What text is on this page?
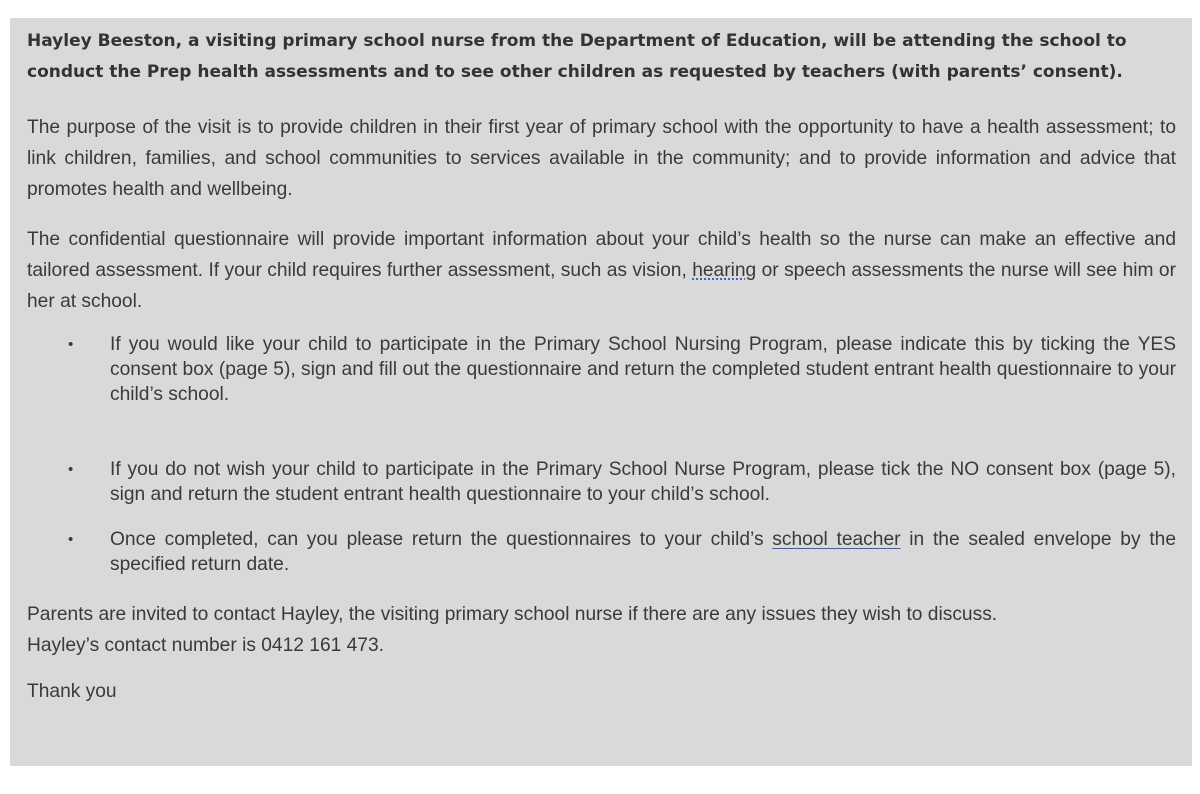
Hayley Beeston, a visiting primary school nurse from the Department of Education, will be attending the school to conduct the Prep health assessments and to see other children as requested by teachers (with parents’ consent).

The purpose of the visit is to provide children in their first year of primary school with the opportunity to have a health assessment; to link children, families, and school communities to services available in the community; and to provide information and advice that promotes health and wellbeing.

The confidential questionnaire will provide important information about your child’s health so the nurse can make an effective and tailored assessment. If your child requires further assessment, such as vision, hearing or speech assessments the nurse will see him or her at school.

• If you would like your child to participate in the Primary School Nursing Program, please indicate this by ticking the YES consent box (page 5), sign and fill out the questionnaire and return the completed student entrant health questionnaire to your child’s school.
• If you do not wish your child to participate in the Primary School Nurse Program, please tick the NO consent box (page 5), sign and return the student entrant health questionnaire to your child’s school.
• Once completed, can you please return the questionnaires to your child’s school teacher in the sealed envelope by the specified return date.

Parents are invited to contact Hayley, the visiting primary school nurse if there are any issues they wish to discuss.
Hayley’s contact number is 0412 161 473.

Thank you
